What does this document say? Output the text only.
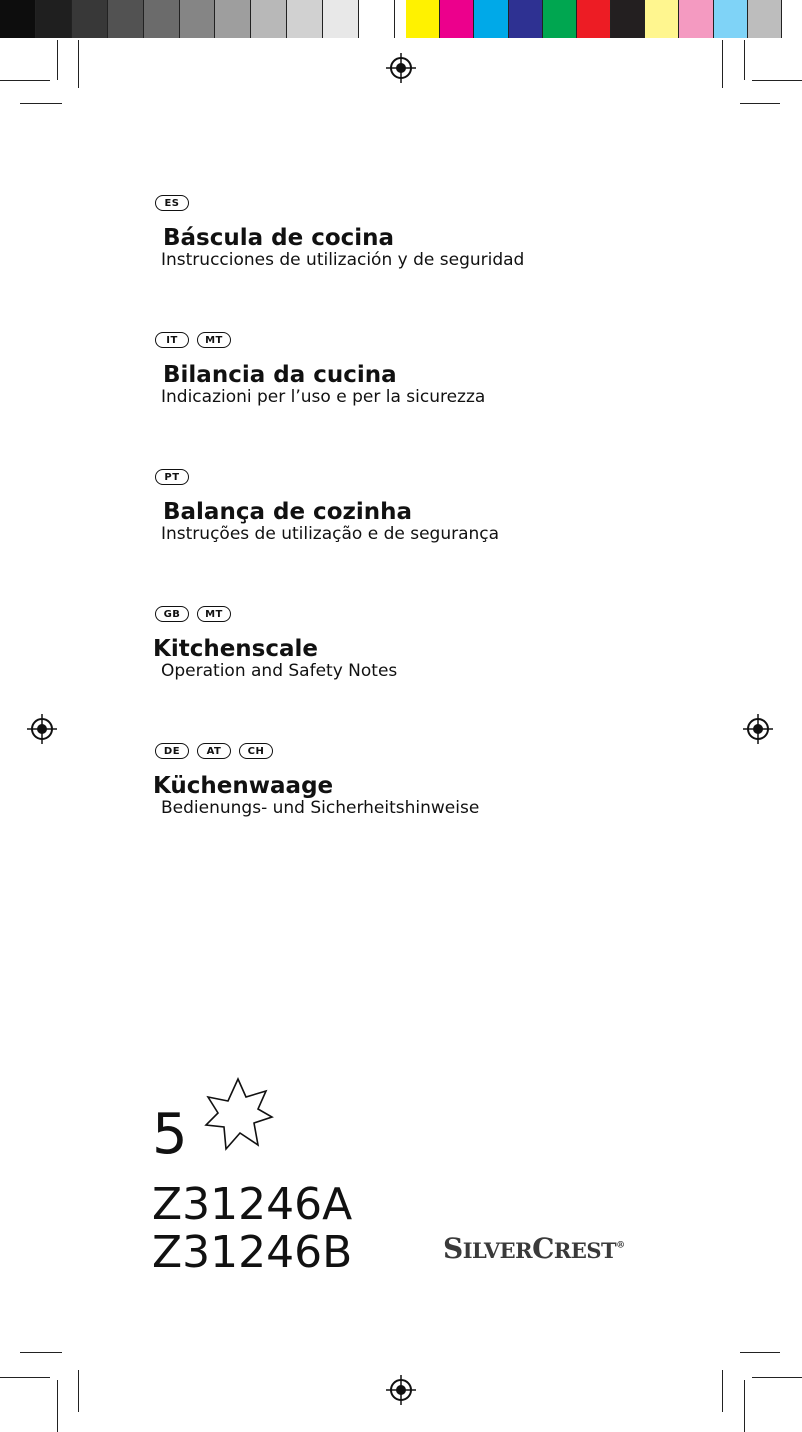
ES
Báscula de cocina
Instrucciones de utilización y de seguridad
IT	MT
Bilancia da cucina
Indicazioni per l’uso e per la sicurezza
PT
Balança de cozinha
Instruções de utilização e de segurança
GB	MT
Kitchenscale
Operation and Safety Notes
DE	AT	CH
Küchenwaage
Bedienungs- und Sicherheitshinweise
5
Z31246A
Z31246B	SILVERCREST®
